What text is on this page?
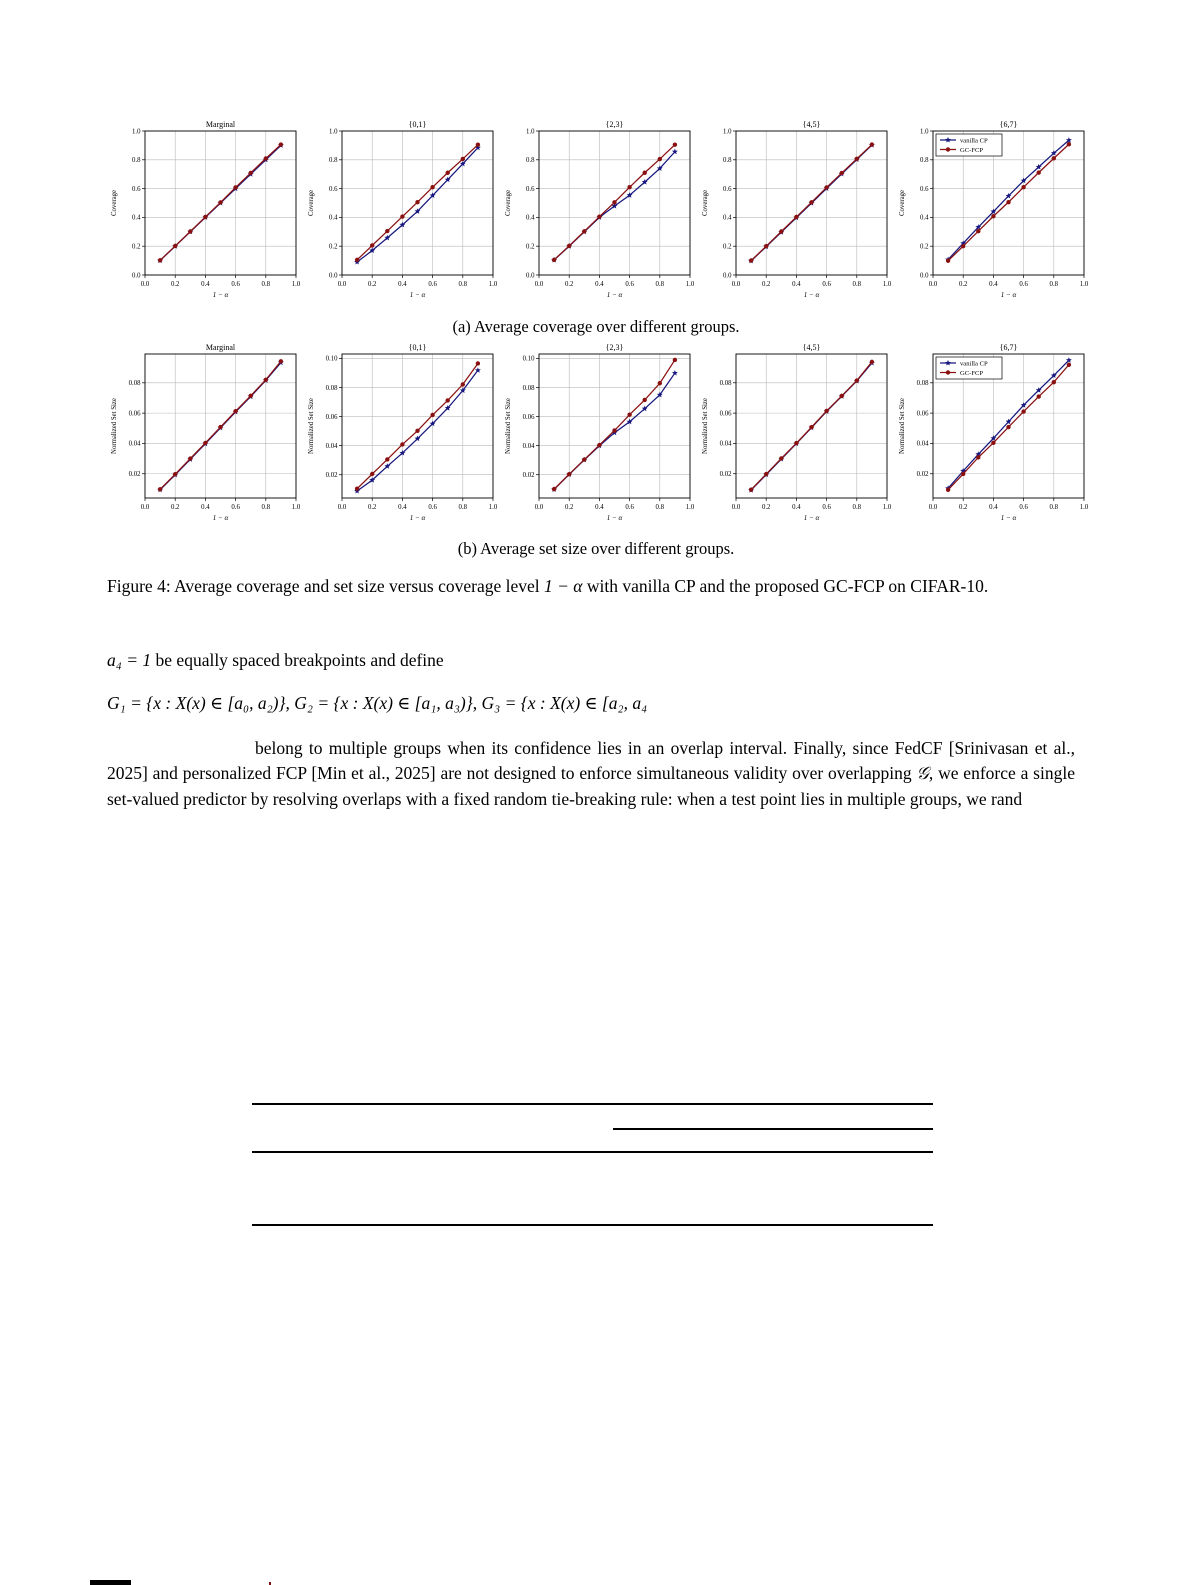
0.0	0.2	0.4	0.6	0.8	1.0
0.0
0.2
0.4
0.6
0.8
1.0
Marginal
1 − α
Coverage
0.0	0.2	0.4	0.6	0.8	1.0
0.0
0.2
0.4
0.6
0.8
1.0
{0,1}
1 − α
Coverage
0.0	0.2	0.4	0.6	0.8	1.0
0.0
0.2
0.4
0.6
0.8
1.0
{2,3}
1 − α
Coverage
0.0	0.2	0.4	0.6	0.8	1.0
0.0
0.2
0.4
0.6
0.8
1.0
{4,5}
1 − α
Coverage
0.0	0.2	0.4	0.6	0.8	1.0
0.0
0.2
0.4
0.6
0.8
1.0
{6,7}
1 − α
Coverage
vanilla CP
GC-FCP
(a) Average coverage over different groups.
0.0	0.2	0.4	0.6	0.8	1.0
0.02
0.04
0.06
0.08
Marginal
1 − α
Normalized Set Size
0.0	0.2	0.4	0.6	0.8	1.0
0.02
0.04
0.06
0.08
0.10
{0,1}
1 − α
Normalized Set Size
0.0	0.2	0.4	0.6	0.8	1.0
0.02
0.04
0.06
0.08
0.10
{2,3}
1 − α
Normalized Set Size
0.0	0.2	0.4	0.6	0.8	1.0
0.02
0.04
0.06
0.08
{4,5}
1 − α
Normalized Set Size
0.0	0.2	0.4	0.6	0.8	1.0
0.02
0.04
0.06
0.08
{6,7}
1 − α
Normalized Set Size
vanilla CP
GC-FCP
(b) Average set size over different groups.
Figure 4: Average coverage and set size versus coverage level 1 − α with vanilla CP and the proposed GC-FCP on CIFAR-10.
a₄ = 1 be equally spaced breakpoints and define
G₁ = {x : X(x) ∈ [a₀, a₂)}, G₂ = {x : X(x) ∈ [a₁, a₃)}, G₃ = {x : X(x) ∈ [a₂, a₄

belong to multiple groups when its confidence lies in an overlap interval. Finally, since FedCF [Srinivasan et al., 2025] and personalized FCP [Min et al., 2025] are not designed to enforce simultaneous validity over overlapping 𝒢, we enforce a single set-valued predictor by resolving overlaps with a fixed random tie-breaking rule: when a test point lies in multiple groups, we rand
